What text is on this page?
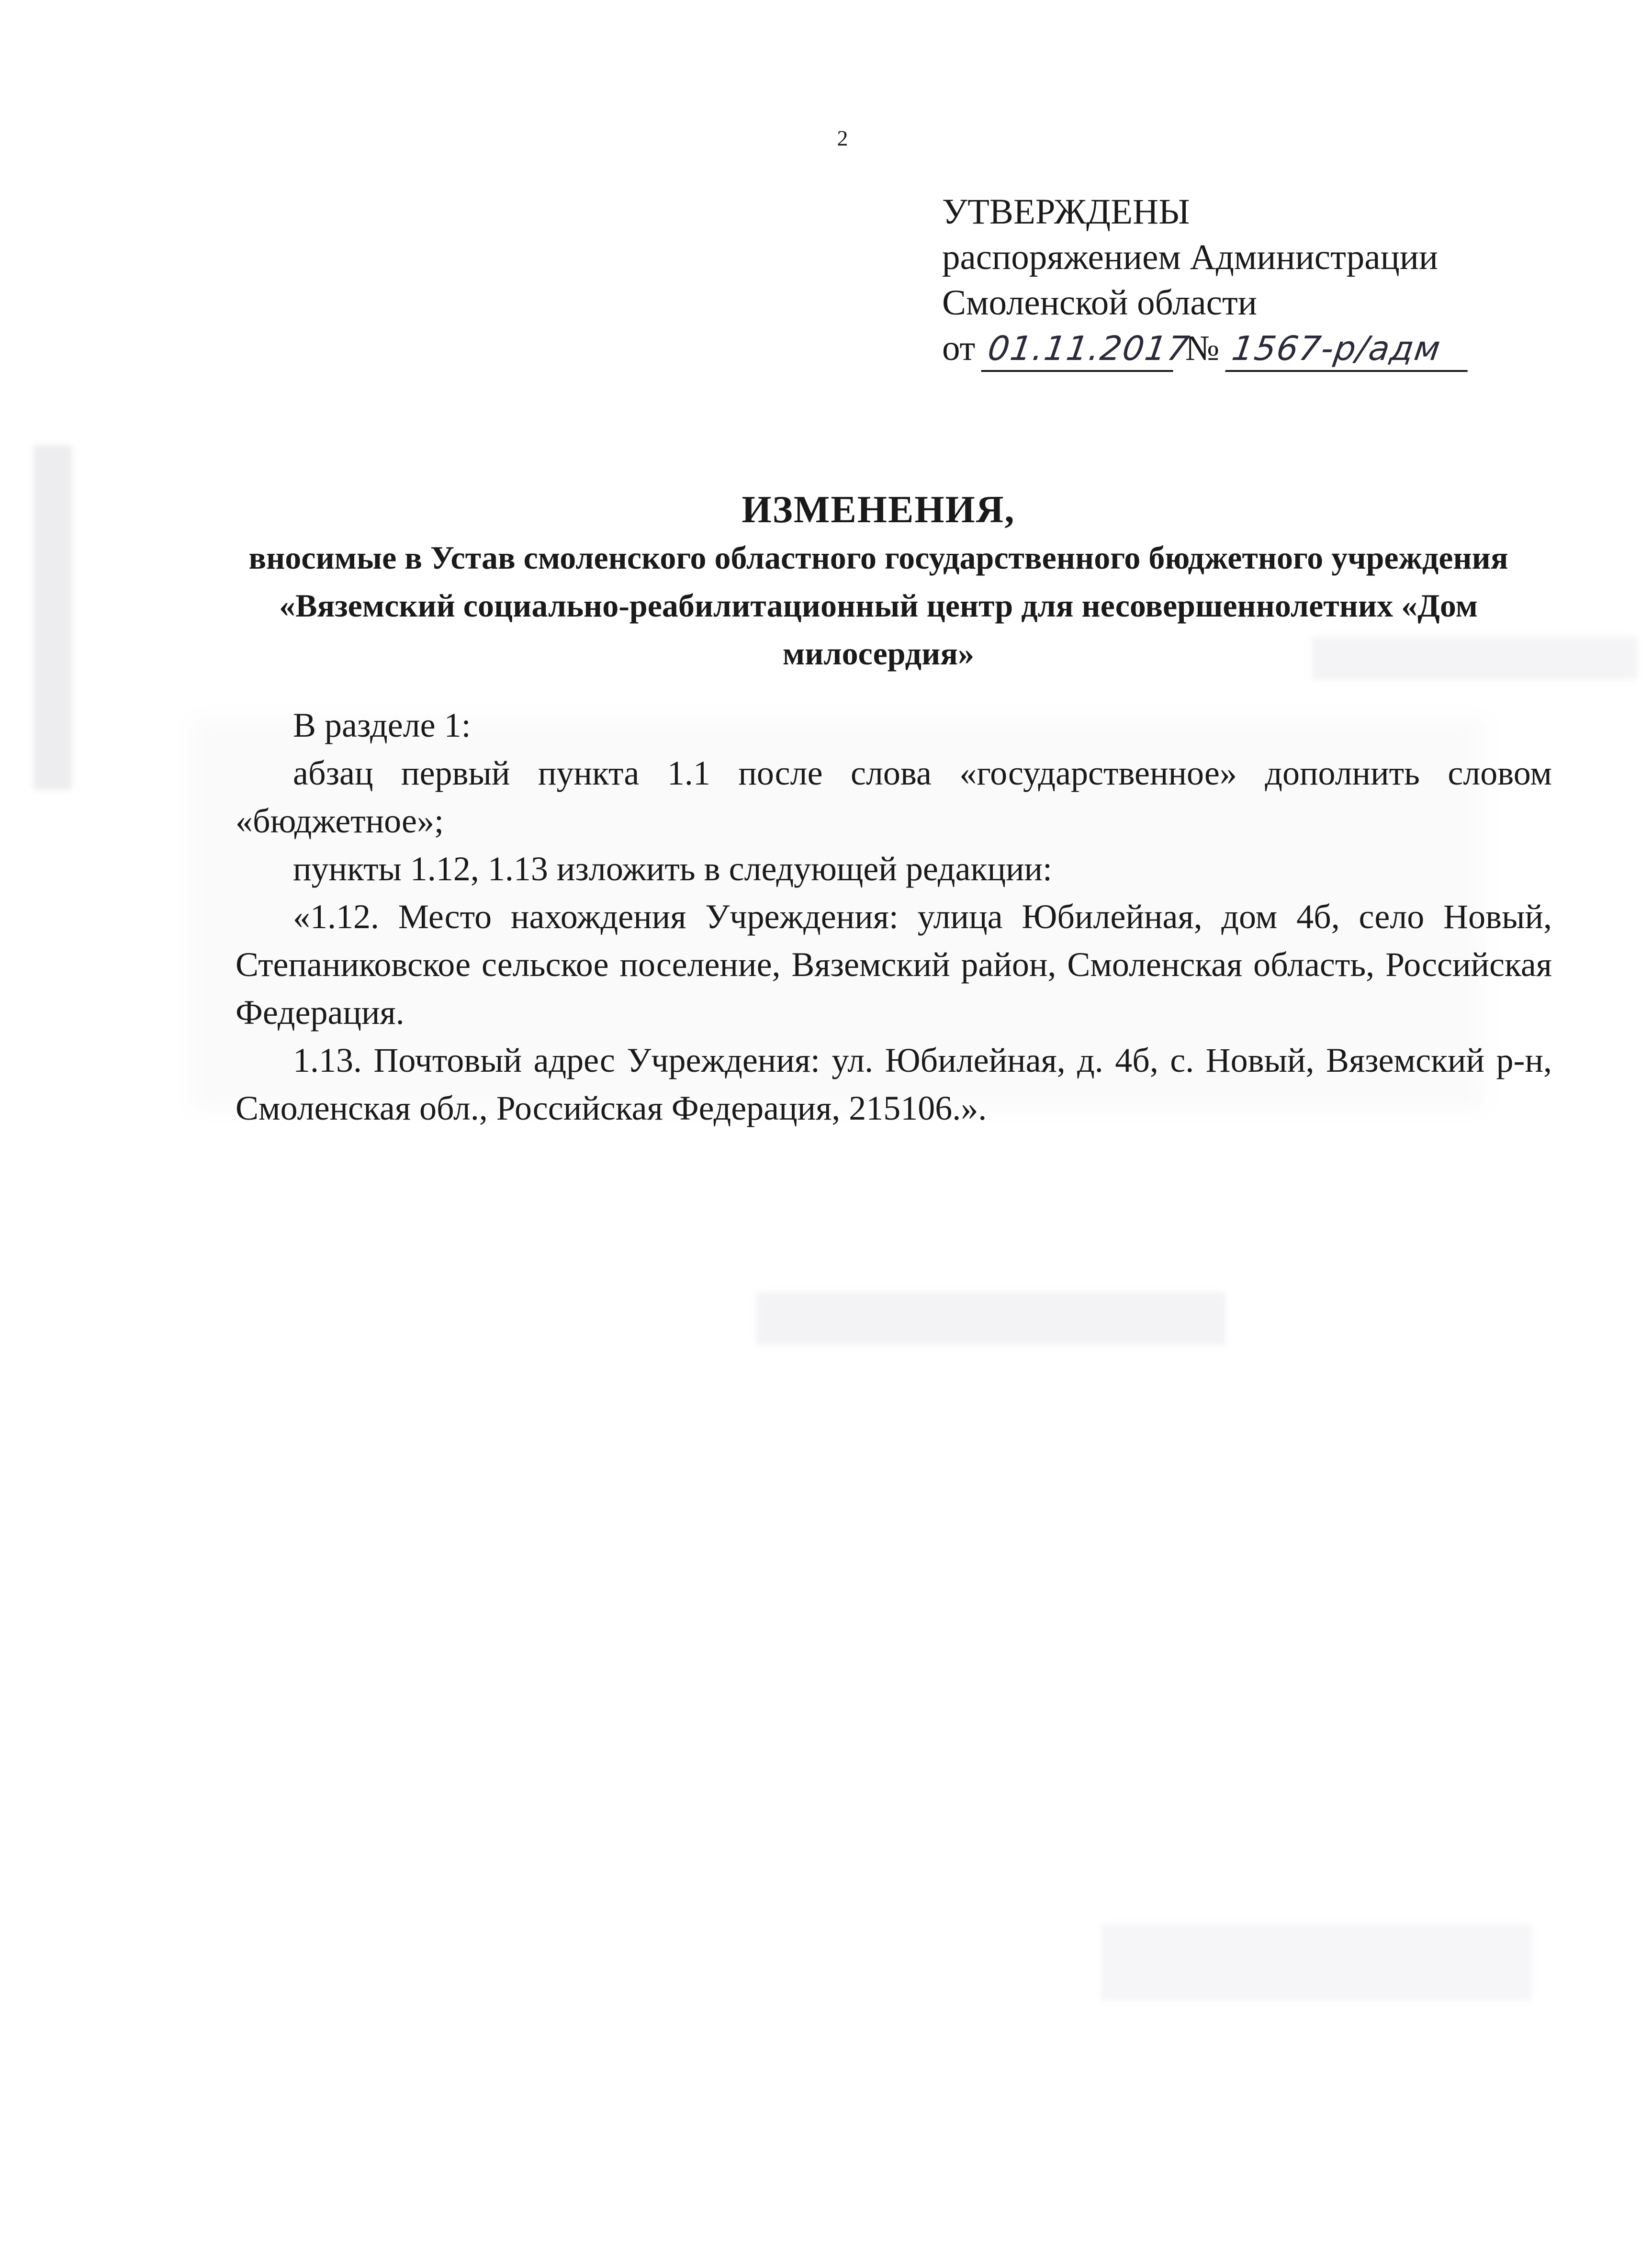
2
УТВЕРЖДЕНЫ
распоряжением Администрации
Смоленской области
от 01.11.2017 № 1567-р/адм
ИЗМЕНЕНИЯ,
вносимые в Устав смоленского областного государственного бюджетного учреждения «Вяземский социально-реабилитационный центр для несовершеннолетних «Дом милосердия»

В разделе 1:

абзац первый пункта 1.1 после слова «государственное» дополнить словом «бюджетное»;

пункты 1.12, 1.13 изложить в следующей редакции:

«1.12. Место нахождения Учреждения: улица Юбилейная, дом 4б, село Новый, Степаниковское сельское поселение, Вяземский район, Смоленская область, Российская Федерация.

1.13. Почтовый адрес Учреждения: ул. Юбилейная, д. 4б, с. Новый, Вяземский р-н, Смоленская обл., Российская Федерация, 215106.».
